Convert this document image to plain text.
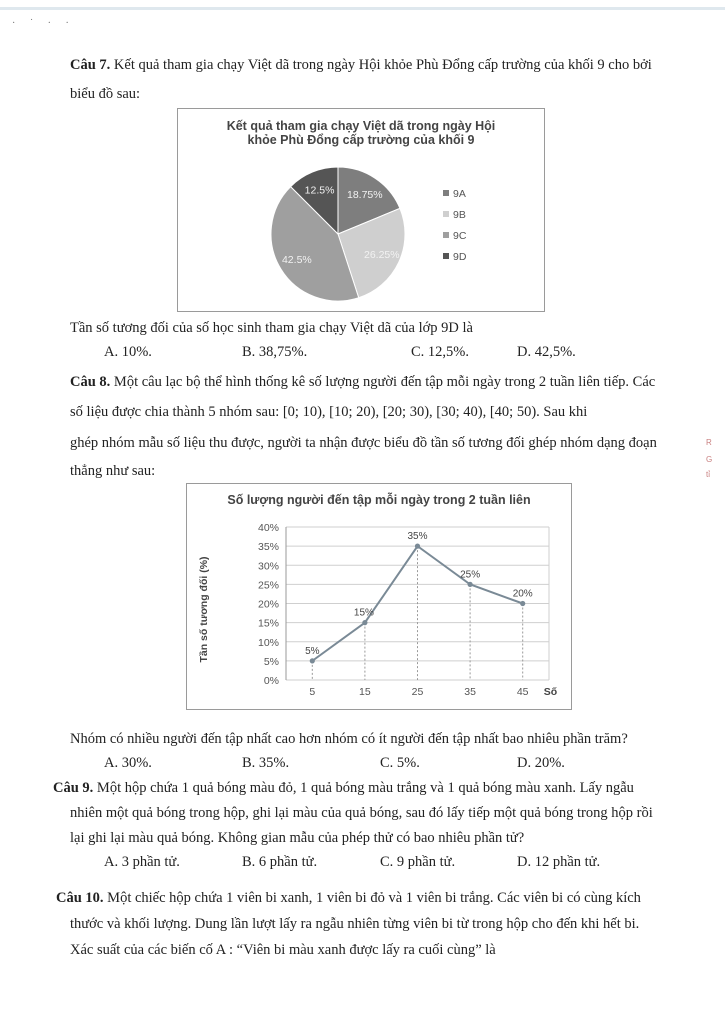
· ˙ · ·
Câu 7. Kết quả tham gia chạy Việt dã trong ngày Hội khỏe Phù Đổng cấp trường của khối 9 cho bởi
biểu đồ sau:
Kết quả tham gia chạy Việt dã trong ngày Hội
khỏe Phù Đổng cấp trường của khối 9
18.75%
26.25%
42.5%
12.5%	9A
9B
9C
9D
Tần số tương đối của số học sinh tham gia chạy Việt dã của lớp 9D là
A. 10%.	B. 38,75%.	C. 12,5%.	D. 42,5%.
Câu 8. Một câu lạc bộ thể hình thống kê số lượng người đến tập mỗi ngày trong 2 tuần liên tiếp. Các
số liệu được chia thành 5 nhóm sau: [0; 10), [10; 20), [20; 30), [30; 40), [40; 50). Sau khi
ghép nhóm mẫu số liệu thu được, người ta nhận được biểu đồ tần số tương đối ghép nhóm dạng đoạn
thẳng như sau:
Số lượng người đến tập mỗi ngày trong 2 tuần liên
0%
5%
10%
15%
20%
25%
30%
35%
40%
5	15	25	35	45 Số
5%
15%
35%
25%
20%
Tần số tương đối (%)
Nhóm có nhiều người đến tập nhất cao hơn nhóm có ít người đến tập nhất bao nhiêu phần trăm?
A. 30%.	B. 35%.	C. 5%.	D. 20%.
Câu 9. Một hộp chứa 1 quả bóng màu đỏ, 1 quả bóng màu trắng và 1 quả bóng màu xanh. Lấy ngẫu
nhiên một quả bóng trong hộp, ghi lại màu của quả bóng, sau đó lấy tiếp một quả bóng trong hộp rồi
lại ghi lại màu quả bóng. Không gian mẫu của phép thử có bao nhiêu phần tử?
A. 3 phần tử.	B. 6 phần tử.	C. 9 phần tử.	D. 12 phần tử.
Câu 10. Một chiếc hộp chứa 1 viên bi xanh, 1 viên bi đỏ và 1 viên bi trắng. Các viên bi có cùng kích
thước và khối lượng. Dung lần lượt lấy ra ngẫu nhiên từng viên bi từ trong hộp cho đến khi hết bi.
Xác suất của các biến cố A : “Viên bi màu xanh được lấy ra cuối cùng” là
R
G
tỉ
